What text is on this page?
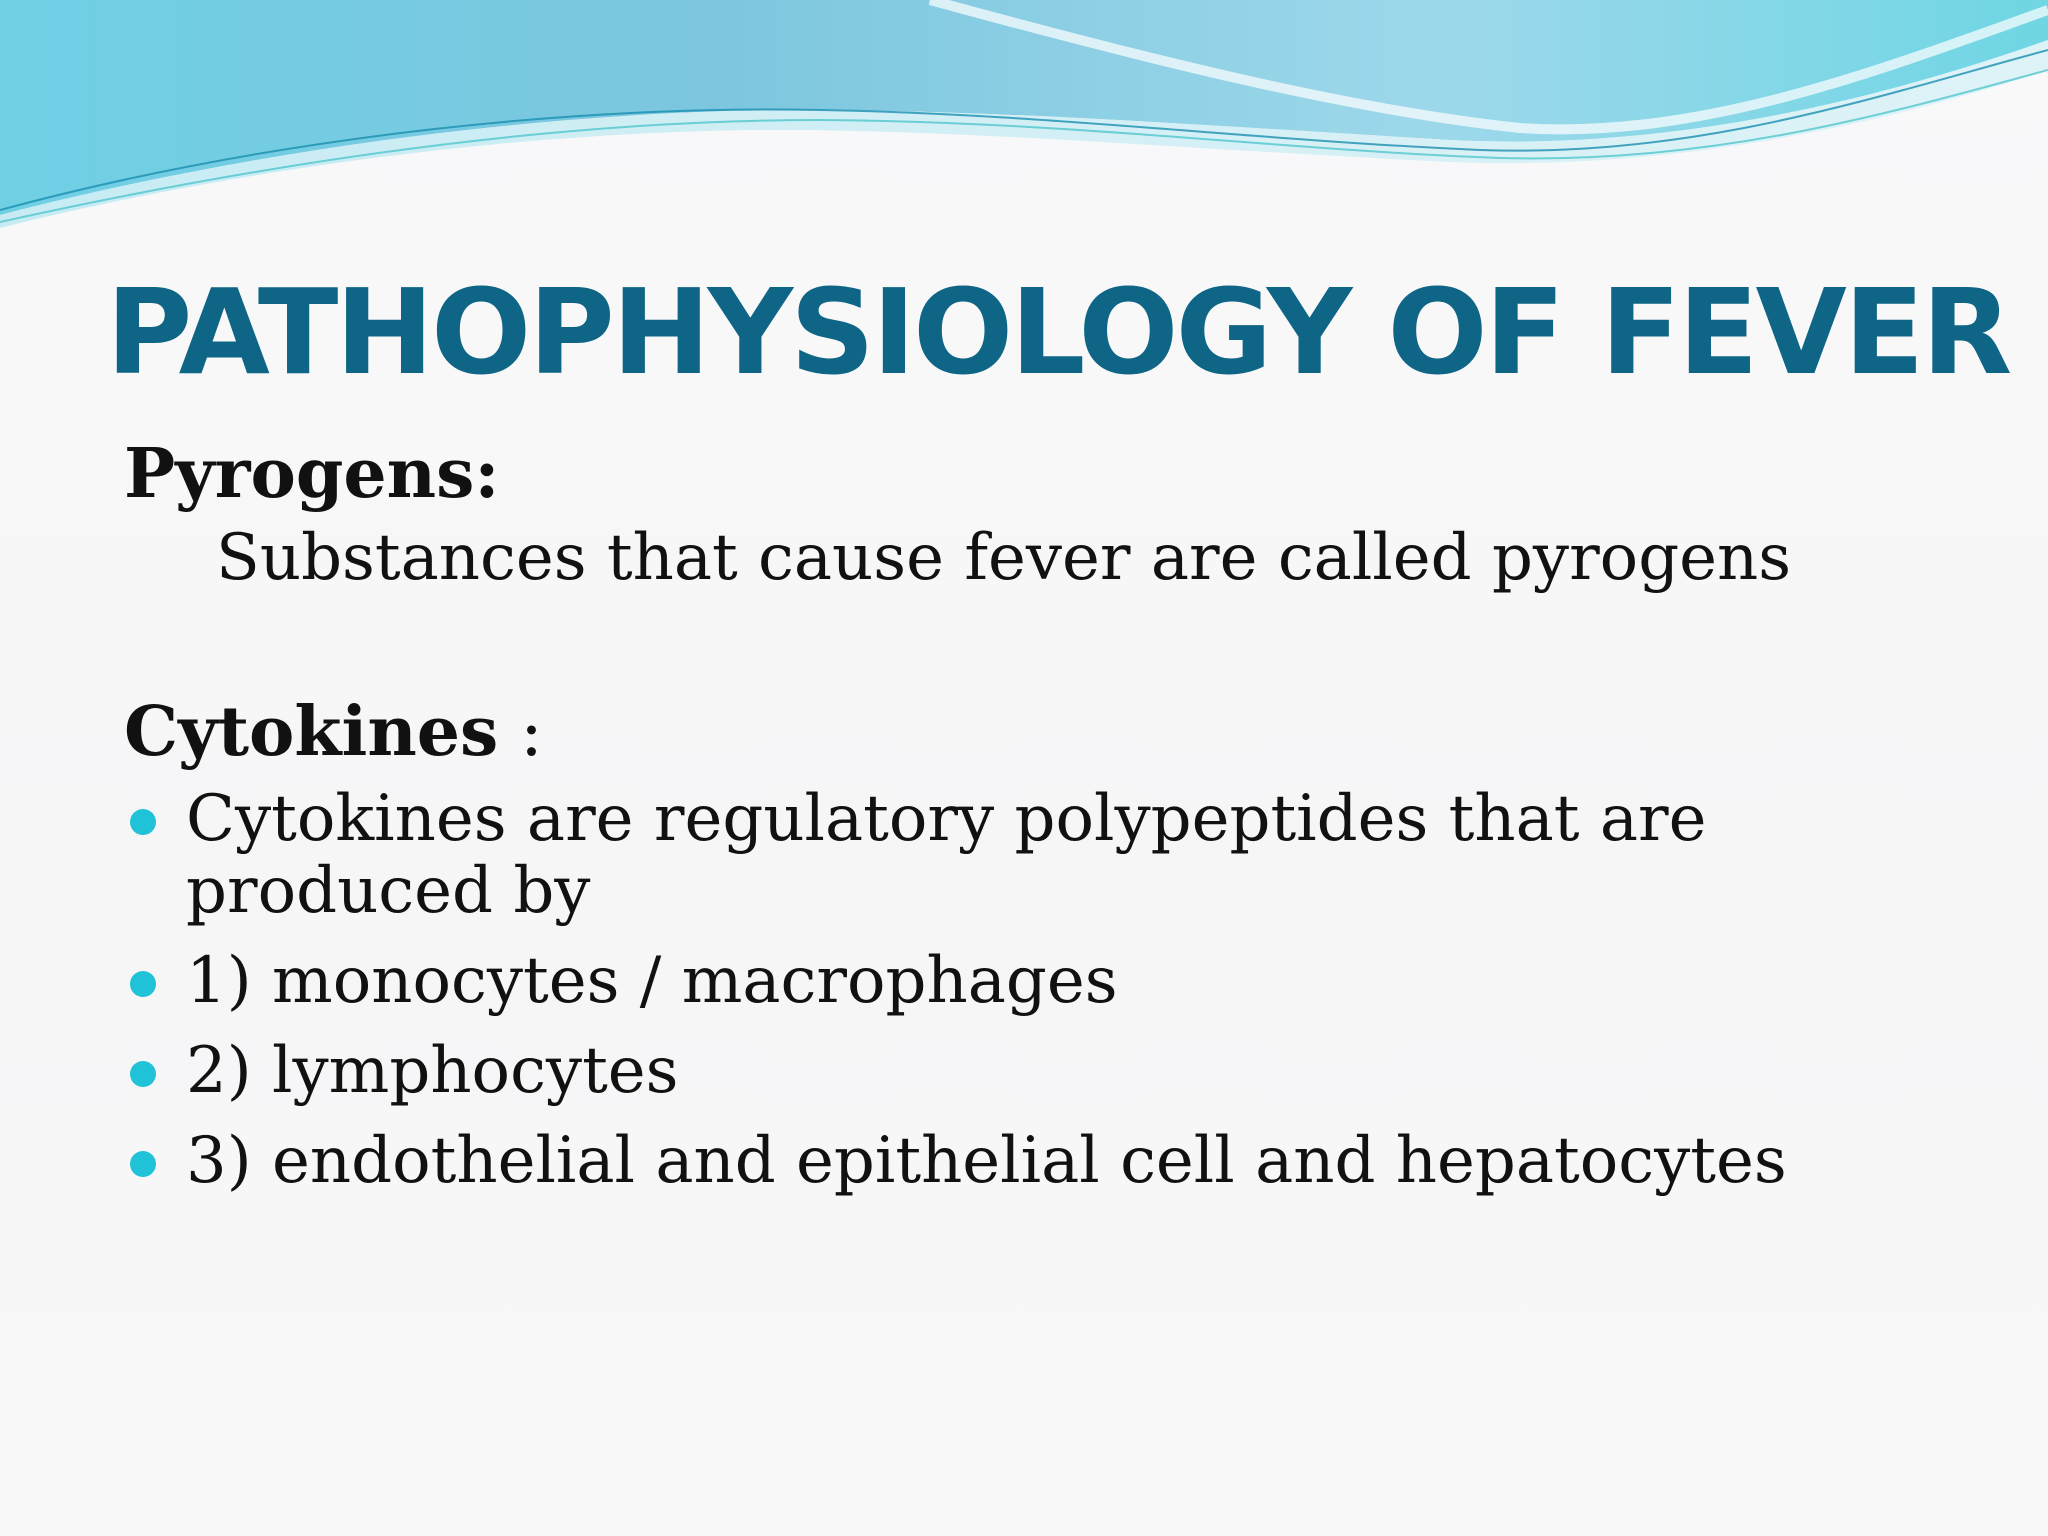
PATHOPHYSIOLOGY OF FEVER

Pyrogens:

Substances that cause fever are called pyrogens

Cytokines :

Cytokines are regulatory polypeptides that are produced by
1) monocytes / macrophages
2) lymphocytes
3) endothelial and epithelial cell and hepatocytes
